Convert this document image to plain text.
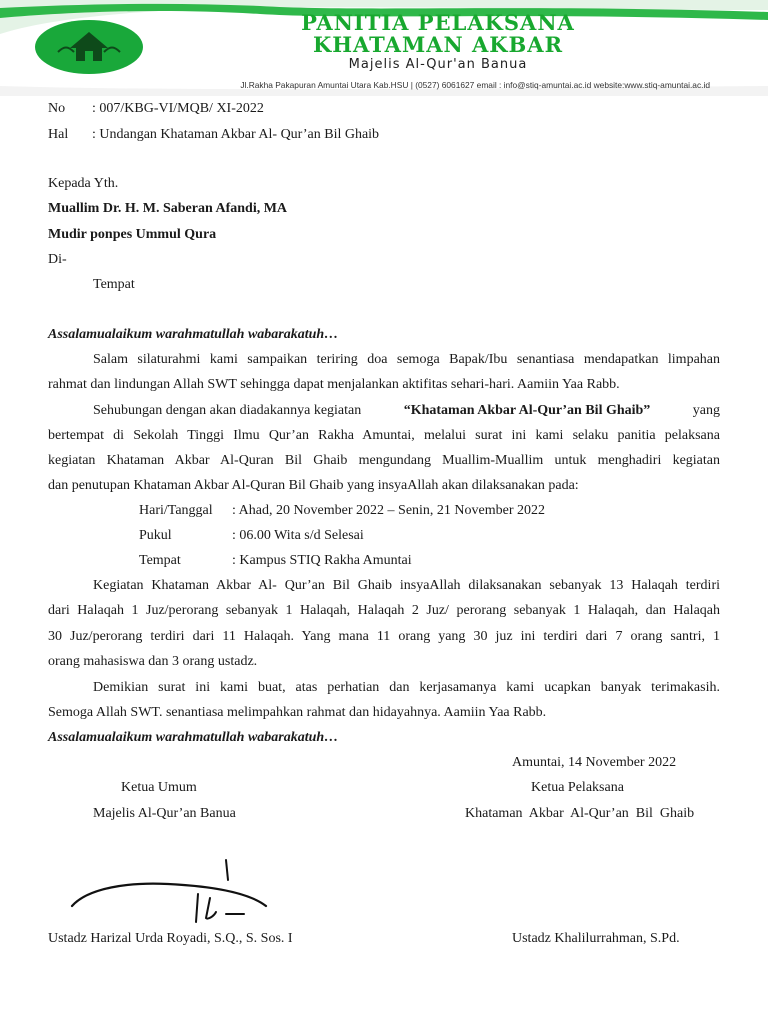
PANITIA PELAKSANA
KHATAMAN AKBAR
Majelis Al-Qur'an Banua
Jl.Rakha Pakapuran Amuntai Utara Kab.HSU | (0527) 6061627 email : info@stiq-amuntai.ac.id website:www.stiq-amuntai.ac.id
No : 007/KBG-VI/MQB/ XI-2022
Hal : Undangan Khataman Akbar Al- Qur’an Bil Ghaib
Kepada Yth.
Muallim Dr. H. M. Saberan Afandi, MA
Mudir ponpes Ummul Qura
Di-
Tempat
Assalamualaikum warahmatullah wabarakatuh…
Salam silaturahmi kami sampaikan teriring doa semoga Bapak/Ibu senantiasa mendapatkan limpahan
rahmat dan lindungan Allah SWT sehingga dapat menjalankan aktifitas sehari-hari. Aamiin Yaa Rabb.
Sehubungan dengan akan diadakannya kegiatan	“Khataman Akbar Al-Qur’an Bil Ghaib”	yang
bertempat di Sekolah Tinggi Ilmu Qur’an Rakha Amuntai, melalui surat ini kami selaku panitia pelaksana
kegiatan Khataman Akbar Al-Quran Bil Ghaib mengundang Muallim-Muallim untuk menghadiri kegiatan
dan penutupan Khataman Akbar Al-Quran Bil Ghaib yang insyaAllah akan dilaksanakan pada:
Hari/Tanggal : Ahad, 20 November 2022 – Senin, 21 November 2022
Pukul	: 06.00 Wita s/d Selesai
Tempat	: Kampus STIQ Rakha Amuntai
Kegiatan Khataman Akbar Al- Qur’an Bil Ghaib insyaAllah dilaksanakan sebanyak 13 Halaqah terdiri
dari Halaqah 1 Juz/perorang sebanyak 1 Halaqah, Halaqah 2 Juz/ perorang sebanyak 1 Halaqah, dan Halaqah
30 Juz/perorang terdiri dari 11 Halaqah. Yang mana 11 orang yang 30 juz ini terdiri dari 7 orang santri, 1
orang mahasiswa dan 3 orang ustadz.
Demikian surat ini kami buat, atas perhatian dan kerjasamanya kami ucapkan banyak terimakasih.
Semoga Allah SWT. senantiasa melimpahkan rahmat dan hidayahnya. Aamiin Yaa Rabb.
Assalamualaikum warahmatullah wabarakatuh…
Amuntai, 14 November 2022
Ketua Umum
Majelis Al-Qur’an Banua
Ketua Pelaksana
Khataman  Akbar  Al-Qur’an  Bil  Ghaib
Ustadz Harizal Urda Royadi, S.Q., S. Sos. I	Ustadz Khalilurrahman, S.Pd.
